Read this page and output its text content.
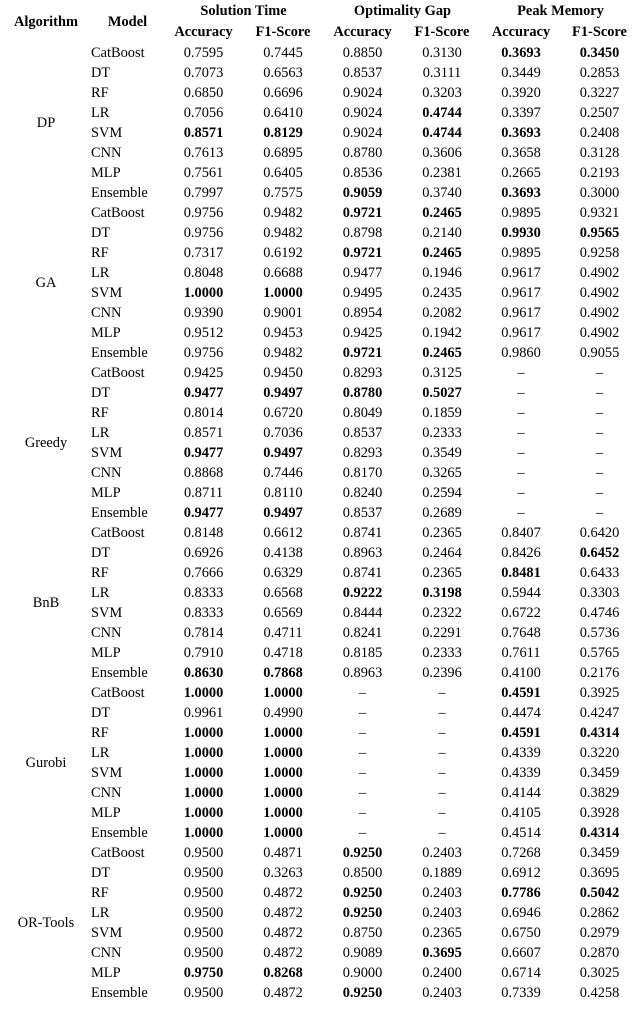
Algorithm	Model	Solution Time		Optimality Gap		Peak Memory	
		Accuracy	F1-Score	Accuracy	F1-Score	Accuracy	F1-Score
DP	CatBoost	0.7595	0.7445	0.8850	0.3130	0.3693	0.3450
	DT	0.7073	0.6563	0.8537	0.3111	0.3449	0.2853
	RF	0.6850	0.6696	0.9024	0.3203	0.3920	0.3227
	LR	0.7056	0.6410	0.9024	0.4744	0.3397	0.2507
	SVM	0.8571	0.8129	0.9024	0.4744	0.3693	0.2408
	CNN	0.7613	0.6895	0.8780	0.3606	0.3658	0.3128
	MLP	0.7561	0.6405	0.8536	0.2381	0.2665	0.2193
	Ensemble	0.7997	0.7575	0.9059	0.3740	0.3693	0.3000
GA	CatBoost	0.9756	0.9482	0.9721	0.2465	0.9895	0.9321
	DT	0.9756	0.9482	0.8798	0.2140	0.9930	0.9565
	RF	0.7317	0.6192	0.9721	0.2465	0.9895	0.9258
	LR	0.8048	0.6688	0.9477	0.1946	0.9617	0.4902
	SVM	1.0000	1.0000	0.9495	0.2435	0.9617	0.4902
	CNN	0.9390	0.9001	0.8954	0.2082	0.9617	0.4902
	MLP	0.9512	0.9453	0.9425	0.1942	0.9617	0.4902
	Ensemble	0.9756	0.9482	0.9721	0.2465	0.9860	0.9055
Greedy	CatBoost	0.9425	0.9450	0.8293	0.3125	–	–
	DT	0.9477	0.9497	0.8780	0.5027	–	–
	RF	0.8014	0.6720	0.8049	0.1859	–	–
	LR	0.8571	0.7036	0.8537	0.2333	–	–
	SVM	0.9477	0.9497	0.8293	0.3549	–	–
	CNN	0.8868	0.7446	0.8170	0.3265	–	–
	MLP	0.8711	0.8110	0.8240	0.2594	–	–
	Ensemble	0.9477	0.9497	0.8537	0.2689	–	–
BnB	CatBoost	0.8148	0.6612	0.8741	0.2365	0.8407	0.6420
	DT	0.6926	0.4138	0.8963	0.2464	0.8426	0.6452
	RF	0.7666	0.6329	0.8741	0.2365	0.8481	0.6433
	LR	0.8333	0.6568	0.9222	0.3198	0.5944	0.3303
	SVM	0.8333	0.6569	0.8444	0.2322	0.6722	0.4746
	CNN	0.7814	0.4711	0.8241	0.2291	0.7648	0.5736
	MLP	0.7910	0.4718	0.8185	0.2333	0.7611	0.5765
	Ensemble	0.8630	0.7868	0.8963	0.2396	0.4100	0.2176
Gurobi	CatBoost	1.0000	1.0000	–	–	0.4591	0.3925
	DT	0.9961	0.4990	–	–	0.4474	0.4247
	RF	1.0000	1.0000	–	–	0.4591	0.4314
	LR	1.0000	1.0000	–	–	0.4339	0.3220
	SVM	1.0000	1.0000	–	–	0.4339	0.3459
	CNN	1.0000	1.0000	–	–	0.4144	0.3829
	MLP	1.0000	1.0000	–	–	0.4105	0.3928
	Ensemble	1.0000	1.0000	–	–	0.4514	0.4314
OR-Tools	CatBoost	0.9500	0.4871	0.9250	0.2403	0.7268	0.3459
	DT	0.9500	0.3263	0.8500	0.1889	0.6912	0.3695
	RF	0.9500	0.4872	0.9250	0.2403	0.7786	0.5042
	LR	0.9500	0.4872	0.9250	0.2403	0.6946	0.2862
	SVM	0.9500	0.4872	0.8750	0.2365	0.6750	0.2979
	CNN	0.9500	0.4872	0.9089	0.3695	0.6607	0.2870
	MLP	0.9750	0.8268	0.9000	0.2400	0.6714	0.3025
	Ensemble	0.9500	0.4872	0.9250	0.2403	0.7339	0.4258
